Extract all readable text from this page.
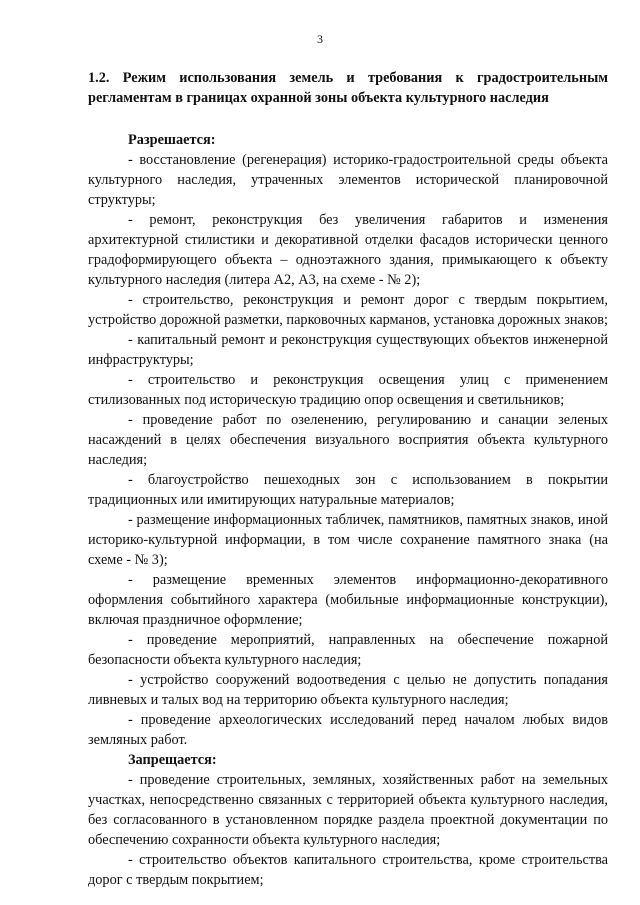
3

1.2. Режим использования земель и требования к градостроительным регламентам в границах охранной зоны объекта культурного наследия

Разрешается:

- восстановление (регенерация) историко-градостроительной среды объекта культурного наследия, утраченных элементов исторической планировочной структуры;

- ремонт, реконструкция без увеличения габаритов и изменения архитектурной стилистики и декоративной отделки фасадов исторически ценного градоформирующего объекта – одноэтажного здания, примыкающего к объекту культурного наследия (литера А2, А3, на схеме - № 2);

- строительство, реконструкция и ремонт дорог с твердым покрытием, устройство дорожной разметки, парковочных карманов, установка дорожных знаков;

- капитальный ремонт и реконструкция существующих объектов инженерной инфраструктуры;

- строительство и реконструкция освещения улиц с применением стилизованных под историческую традицию опор освещения и светильников;

- проведение работ по озеленению, регулированию и санации зеленых насаждений в целях обеспечения визуального восприятия объекта культурного наследия;

- благоустройство пешеходных зон с использованием в покрытии традиционных или имитирующих натуральные материалов;

- размещение информационных табличек, памятников, памятных знаков, иной историко-культурной информации, в том числе сохранение памятного знака (на схеме - № 3);

- размещение временных элементов информационно-декоративного оформления событийного характера (мобильные информационные конструкции), включая праздничное оформление;

- проведение мероприятий, направленных на обеспечение пожарной безопасности объекта культурного наследия;

- устройство сооружений водоотведения с целью не допустить попадания ливневых и талых вод на территорию объекта культурного наследия;

- проведение археологических исследований перед началом любых видов земляных работ.

Запрещается:

- проведение строительных, земляных, хозяйственных работ на земельных участках, непосредственно связанных с территорией объекта культурного наследия, без согласованного в установленном порядке раздела проектной документации по обеспечению сохранности объекта культурного наследия;

- строительство объектов капитального строительства, кроме строительства дорог с твердым покрытием;
